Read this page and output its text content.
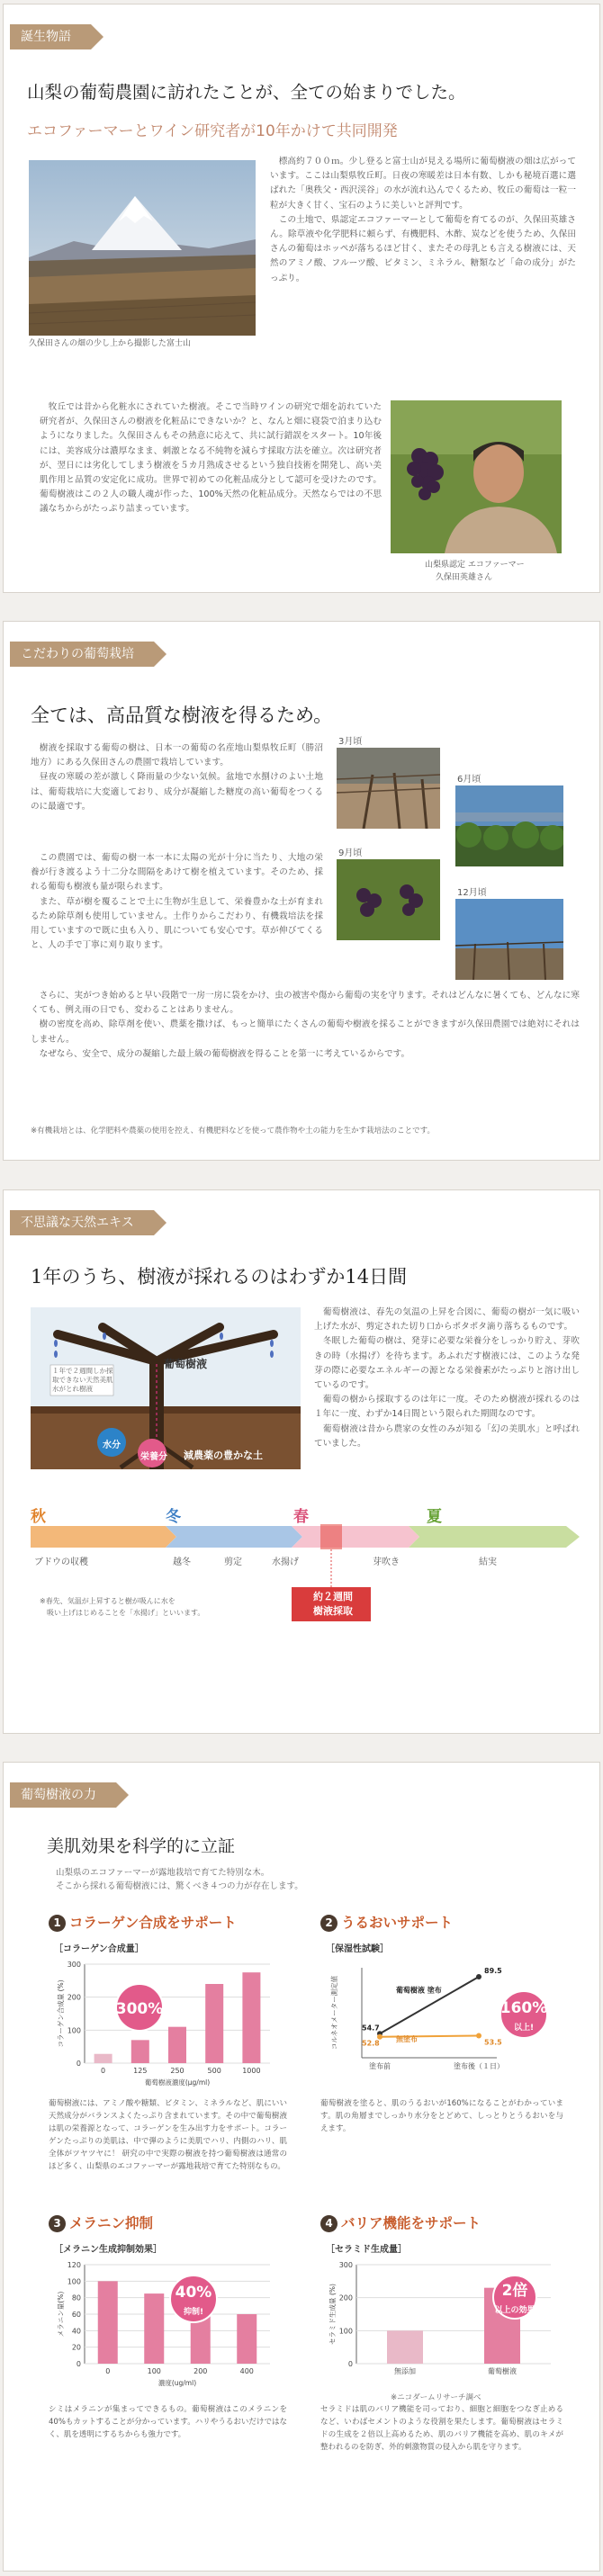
誕生物語
山梨の葡萄農園に訪れたことが、全ての始まりでした。
エコファーマーとワイン研究者が10年かけて共同開発
久保田さんの畑の少し上から撮影した富士山
　標高約７００ｍ。少し登ると富士山が見える場所に葡萄樹液の畑は広がっています。ここは山梨県牧丘町。日夜の寒暖差は日本有数、しかも秘境百選に選ばれた「奥秩父・西沢渓谷」の水が流れ込んでくるため、牧丘の葡萄は一粒一粒が大きく甘く、宝石のように美しいと評判です。
　この土地で、県認定エコファーマーとして葡萄を育てるのが、久保田英雄さん。除草液や化学肥料に頼らず、有機肥料、木酢、炭などを使うため、久保田さんの葡萄はホッペが落ちるほど甘く、またその母乳とも言える樹液には、天然のアミノ酸、フルーツ酸、ビタミン、ミネラル、糖類など「命の成分」がたっぷり。
　牧丘では昔から化粧水にされていた樹液。そこで当時ワインの研究で畑を訪れていた研究者が、久保田さんの樹液を化粧品にできないか？と、なんと畑に寝袋で泊まり込むようになりました。久保田さんもその熱意に応えて、共に試行錯誤をスタート。10年後には、美容成分は濃厚なまま、刺激となる不純物を減らす採取方法を確立。次は研究者が、翌日には劣化してしまう樹液を５カ月熟成させるという独自技術を開発し、高い美肌作用と品質の安定化に成功。世界で初めての化粧品成分として認可を受けたのです。葡萄樹液はこの２人の職人魂が作った、100%天然の化粧品成分。天然ならではの不思議なちからがたっぷり詰まっています。
山梨県認定 エコファーマー
久保田英雄さん
こだわりの葡萄栽培
全ては、高品質な樹液を得るため。
　樹液を採取する葡萄の樹は、日本一の葡萄の名産地山梨県牧丘町（勝沼地方）にある久保田さんの農園で栽培しています。
　昼夜の寒暖の差が激しく降雨量の少ない気候。盆地で水捌けのよい土地は、葡萄栽培に大変適しており、成分が凝縮した糖度の高い葡萄をつくるのに最適です。
　この農園では、葡萄の樹一本一本に太陽の光が十分に当たり、大地の栄養が行き渡るよう十二分な間隔をあけて樹を植えています。そのため、採れる葡萄も樹液も量が限られます。
　また、草が樹を覆ることで土に生物が生息して、栄養豊かな土が育まれるため除草剤も使用していません。土作りからこだわり、有機栽培法を採用していますので既に虫も入り、肌についても安心です。草が伸びてくると、人の手で丁寧に刈り取ります。
3月頃
6月頃
9月頃
12月頃
　さらに、実がつき始めると早い段階で一房一房に袋をかけ、虫の被害や傷から葡萄の実を守ります。それはどんなに暑くても、どんなに寒くても、例え雨の日でも、変わることはありません。
　樹の密度を高め、除草剤を使い、農薬を撒けば、もっと簡単にたくさんの葡萄や樹液を採ることができますが久保田農園では絶対にそれはしません。
　なぜなら、安全で、成分の凝縮した最上級の葡萄樹液を得ることを第一に考えているからです。
※有機栽培とは、化学肥料や農薬の使用を控え、有機肥料などを使って農作物や土の能力を生かす栽培法のことです。
不思議な天然エキス
1年のうち、樹液が採れるのはわずか14日間
葡萄樹液
１年で２週間しか採取できない天然美肌水がとれ樹液
水分
栄養分 減農薬の豊かな土
　葡萄樹液は、春先の気温の上昇を合図に、葡萄の樹が一気に吸い上げた水が、剪定された切り口からポタポタ滴り落ちるものです。
　冬眠した葡萄の樹は、発芽に必要な栄養分をしっかり貯え、芽吹きの時（水揚げ）を待ちます。あふれだす樹液には、このような発芽の際に必要なエネルギーの源となる栄養素がたっぷりと溶け出しているのです。
　葡萄の樹から採取するのは年に一度。そのため樹液が採れるのは１年に一度、わずか14日間という限られた期間なのです。
　葡萄樹液は昔から農家の女性のみが知る「幻の美肌水」と呼ばれていました。
秋	冬	春	夏
ブドウの収穫	越冬	剪定	水揚げ	芽吹き	結実
約２週間
樹液採取
※春先、気温が上昇すると樹が吸んに水を
　吸い上げはじめることを「水揚げ」といいます。
葡萄樹液の力
美肌効果を科学的に立証
山梨県のエコファーマーが露地栽培で育てた特別な木。
そこから採れる葡萄樹液には、驚くべき４つの力が存在します。
1 コラーゲン合成をサポート
［コラーゲン合成量］
0
100
200
300
0	125	250	500	1000
葡萄樹液濃度(μg/ml)
コラーゲン合成量 (%)	300%
葡萄樹液には、アミノ酸や糖類、ビタミン、ミネラルなど、肌にいい天然成分がバランスよくたっぷり含まれています。その中で葡萄樹液は肌の栄養源となって、コラーゲンを生み出す力をサポート。コラーゲンたっぷりの美肌は、中で弾のように美肌でハリ、内側のハリ、肌全体がツヤツヤに！ 研究の中で実際の樹液を持つ葡萄樹液は通常のほど多く、山梨県のエコファーマーが露地栽培で育てた特別なもの。
2 うるおいサポート
［保湿性試験］
塗布前	塗布後（１日）
54.7
89.5
葡萄樹液 塗布
52.8	53.5
無塗布
コルネオメーター測定値	160%
以上!
葡萄樹液を塗ると、肌のうるおいが160%になることがわかっています。肌の角層までしっかり水分をとどめて、しっとりとうるおいを与えます。
3 メラニン抑制
［メラニン生成抑制効果］
0
20
40
60
80
100
120
0	100	200	400
濃度(ug/ml)
メラニン量(%)	40%
抑制!
シミはメラニンが集まってできるもの。葡萄樹液はこのメラニンを40%もカットすることが分かっています。ハリやうるおいだけではなく、肌を透明にするちからも強力です。
4 バリア機能をサポート
［セラミド生成量］
0
100
200
300
無添加	葡萄樹液
セラミド生成量 (%)	2倍
以上の効果
※ニコダームリサーチ調べ
セラミドは肌のバリア機能を司っており、細胞と細胞をつなぎ止めるなど、いわばセメントのような役割を果たします。葡萄樹液はセラミドの生成を２倍以上高めるため、肌のバリア機能を高め、肌のキメが整われるのを防ぎ、外的刺激物質の侵入から肌を守ります。
